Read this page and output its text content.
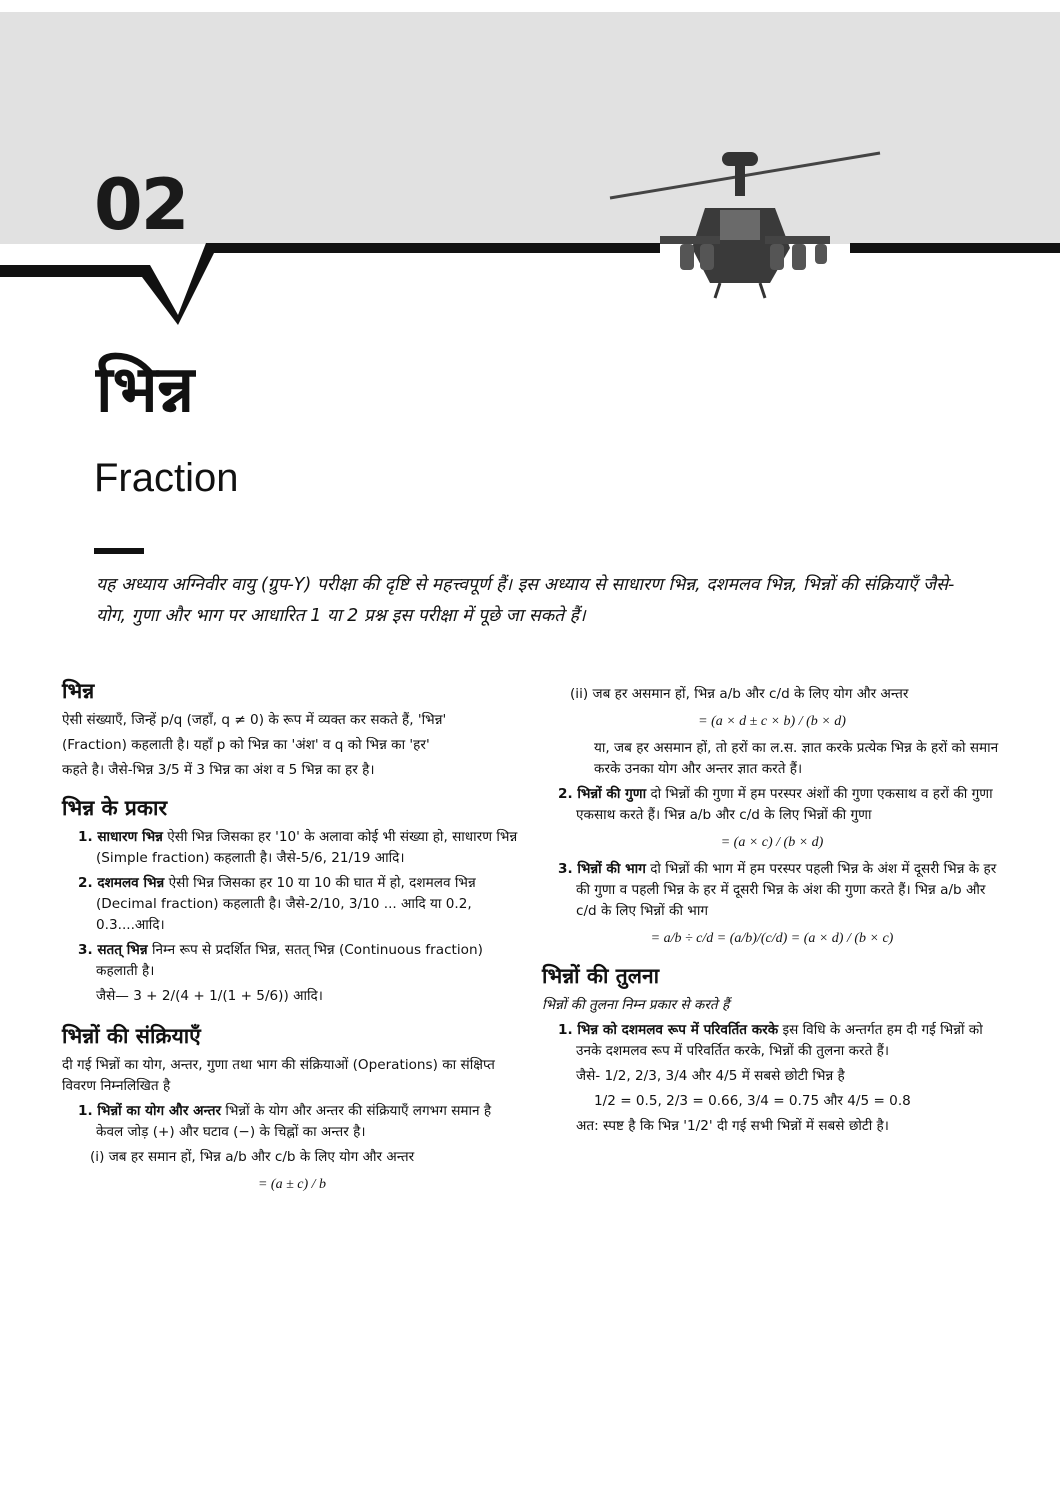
02
भिन्न
Fraction

यह अध्याय अग्निवीर वायु (ग्रुप-Y) परीक्षा की दृष्टि से महत्त्वपूर्ण हैं। इस अध्याय से साधारण भिन्न, दशमलव भिन्न, भिन्नों की संक्रियाएँ जैसे-योग, गुणा और भाग पर आधारित 1 या 2 प्रश्न इस परीक्षा में पूछे जा सकते हैं।

भिन्न

ऐसी संख्याएँ, जिन्हें p/q (जहाँ, q ≠ 0) के रूप में व्यक्त कर सकते हैं, 'भिन्न'

(Fraction) कहलाती है। यहाँ p को भिन्न का 'अंश' व q को भिन्न का 'हर'

कहते है। जैसे-भिन्न 3/5 में 3 भिन्न का अंश व 5 भिन्न का हर है।

भिन्न के प्रकार

1. साधारण भिन्न ऐसी भिन्न जिसका हर '10' के अलावा कोई भी संख्या हो, साधारण भिन्न (Simple fraction) कहलाती है। जैसे-5/6, 21/19 आदि।

2. दशमलव भिन्न ऐसी भिन्न जिसका हर 10 या 10 की घात में हो, दशमलव भिन्न (Decimal fraction) कहलाती है। जैसे-2/10, 3/10 ... आदि या 0.2, 0.3....आदि।

3. सतत् भिन्न निम्न रूप से प्रदर्शित भिन्न, सतत् भिन्न (Continuous fraction) कहलाती है।

जैसे— 3 + 2/(4 + 1/(1 + 5/6)) आदि।

भिन्नों की संक्रियाएँ

दी गई भिन्नों का योग, अन्तर, गुणा तथा भाग की संक्रियाओं (Operations) का संक्षिप्त विवरण निम्नलिखित है

1. भिन्नों का योग और अन्तर भिन्नों के योग और अन्तर की संक्रियाएँ लगभग समान है केवल जोड़ (+) और घटाव (−) के चिह्नों का अन्तर है।

(i) जब हर समान हों, भिन्न a/b और c/b के लिए योग और अन्तर

= (a ± c) / b

(ii) जब हर असमान हों, भिन्न a/b और c/d के लिए योग और अन्तर

= (a × d ± c × b) / (b × d)

या, जब हर असमान हों, तो हरों का ल.स. ज्ञात करके प्रत्येक भिन्न के हरों को समान करके उनका योग और अन्तर ज्ञात करते हैं।

2. भिन्नों की गुणा दो भिन्नों की गुणा में हम परस्पर अंशों की गुणा एकसाथ व हरों की गुणा एकसाथ करते हैं। भिन्न a/b और c/d के लिए भिन्नों की गुणा

= (a × c) / (b × d)

3. भिन्नों की भाग दो भिन्नों की भाग में हम परस्पर पहली भिन्न के अंश में दूसरी भिन्न के हर की गुणा व पहली भिन्न के हर में दूसरी भिन्न के अंश की गुणा करते हैं। भिन्न a/b और c/d के लिए भिन्नों की भाग

= a/b ÷ c/d = (a/b)/(c/d) = (a × d) / (b × c)

भिन्नों की तुलना

भिन्नों की तुलना निम्न प्रकार से करते हैं

1. भिन्न को दशमलव रूप में परिवर्तित करके इस विधि के अन्तर्गत हम दी गई भिन्नों को उनके दशमलव रूप में परिवर्तित करके, भिन्नों की तुलना करते हैं।

जैसे- 1/2, 2/3, 3/4 और 4/5 में सबसे छोटी भिन्न है

1/2 = 0.5, 2/3 = 0.66, 3/4 = 0.75 और 4/5 = 0.8

अत: स्पष्ट है कि भिन्न '1/2' दी गई सभी भिन्नों में सबसे छोटी है।
